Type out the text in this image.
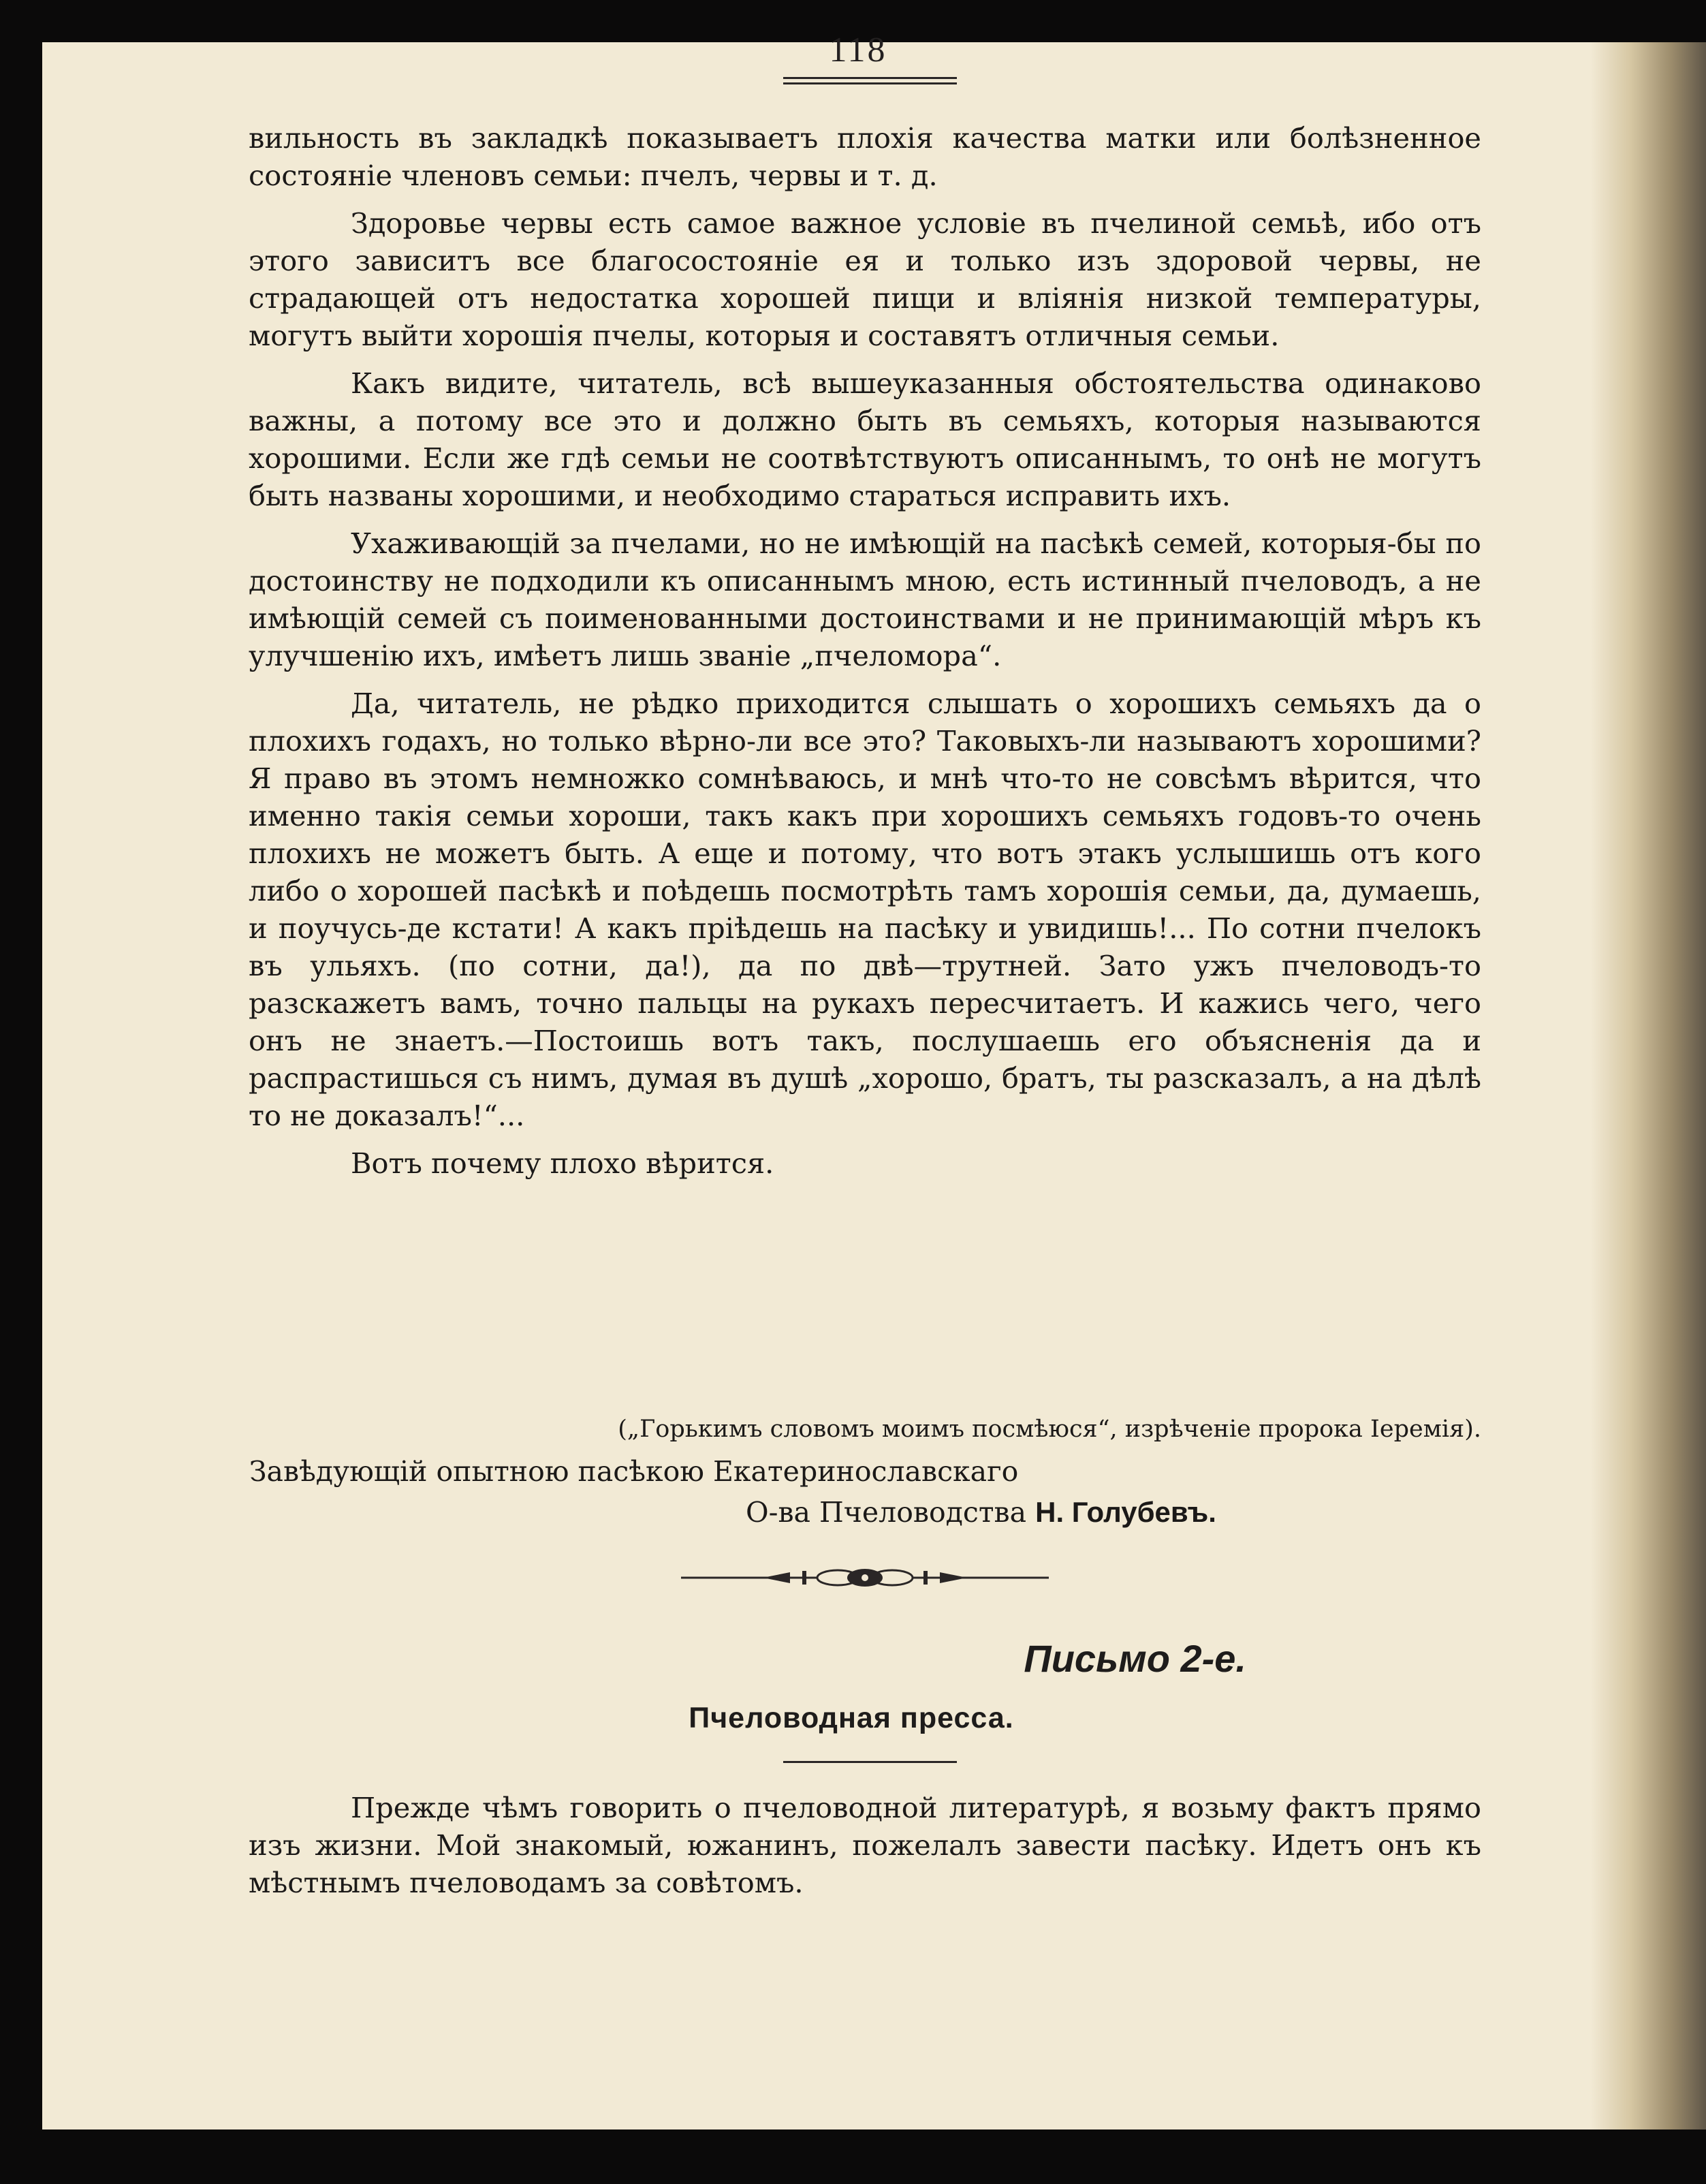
118

вильность въ закладкѣ показываетъ плохія качества матки или болѣзненное состояніе членовъ семьи: пчелъ, червы и т. д.

Здоровье червы есть самое важное условіе въ пчелиной семьѣ, ибо отъ этого зависитъ все благосостояніе ея и только изъ здоровой червы, не страдающей отъ недостатка хорошей пищи и вліянія низкой температуры, могутъ выйти хорошія пчелы, которыя и составятъ отличныя семьи.

Какъ видите, читатель, всѣ вышеуказанныя обстоятельства одинаково важны, а потому все это и должно быть въ семьяхъ, которыя называются хорошими. Если же гдѣ семьи не соотвѣтствуютъ описаннымъ, то онѣ не могутъ быть названы хорошими, и необходимо стараться исправить ихъ.

Ухаживающій за пчелами, но не имѣющій на пасѣкѣ семей, которыя-бы по достоинству не подходили къ описаннымъ мною, есть истинный пчеловодъ, а не имѣющій семей съ поименованными достоинствами и не принимающій мѣръ къ улучшенію ихъ, имѣетъ лишь званіе „пчеломора“.

Да, читатель, не рѣдко приходится слышать о хорошихъ семьяхъ да о плохихъ годахъ, но только вѣрно-ли все это? Таковыхъ-ли называютъ хорошими? Я право въ этомъ немножко сомнѣваюсь, и мнѣ что-то не совсѣмъ вѣрится, что именно такія семьи хороши, такъ какъ при хорошихъ семьяхъ годовъ-то очень плохихъ не можетъ быть. А еще и потому, что вотъ этакъ услышишь отъ кого либо о хорошей пасѣкѣ и поѣдешь посмотрѣть тамъ хорошія семьи, да, думаешь, и поучусь-де кстати! А какъ пріѣдешь на пасѣку и увидишь!... По сотни пчелокъ въ ульяхъ. (по сотни, да!), да по двѣ—трутней. Зато ужъ пчеловодъ-то разскажетъ вамъ, точно пальцы на рукахъ пересчитаетъ. И кажись чего, чего онъ не знаетъ.—Постоишь вотъ такъ, послушаешь его объясненія да и распрастишься съ нимъ, думая въ душѣ „хорошо, братъ, ты разсказалъ, а на дѣлѣ то не доказалъ!“...

Вотъ почему плохо вѣрится.

(„Горькимъ словомъ моимъ посмѣюся“, изрѣченіе пророка Іеремія).
Завѣдующій опытною пасѣкою Екатеринославскаго
О-ва Пчеловодства Н. Голубевъ.
Письмо 2-е.
Пчеловодная пресса.

Прежде чѣмъ говорить о пчеловодной литературѣ, я возьму фактъ прямо изъ жизни. Мой знакомый, южанинъ, пожелалъ завести пасѣку. Идетъ онъ къ мѣстнымъ пчеловодамъ за совѣтомъ.
